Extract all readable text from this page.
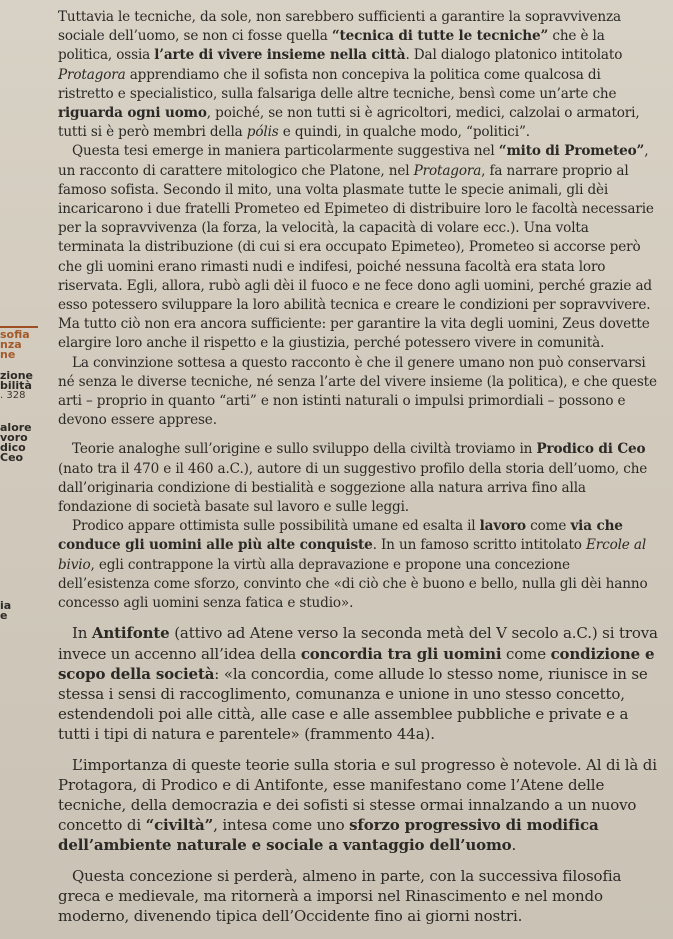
sofia
nza
ne
zione
bilità
. 328
alore
voro
dico
Ceo
ia
e

Tuttavia le tecniche, da sole, non sarebbero sufficienti a garantire la sopravvivenza sociale dell’uomo, se non ci fosse quella “tecnica di tutte le tecniche” che è la politica, ossia l’arte di vivere insieme nella città. Dal dialogo platonico intitolato Protagora apprendiamo che il sofista non concepiva la politica come qualcosa di ristretto e specialistico, sulla falsariga delle altre tecniche, bensì come un’arte che riguarda ogni uomo, poiché, se non tutti si è agricoltori, medici, calzolai o armatori, tutti si è però membri della pólis e quindi, in qualche modo, “politici”.

Questa tesi emerge in maniera particolarmente suggestiva nel “mito di Prometeo”, un racconto di carattere mitologico che Platone, nel Protagora, fa narrare proprio al famoso sofista. Secondo il mito, una volta plasmate tutte le specie animali, gli dèi incaricarono i due fratelli Prometeo ed Epimeteo di distribuire loro le facoltà necessarie per la sopravvivenza (la forza, la velocità, la capacità di volare ecc.). Una volta terminata la distribuzione (di cui si era occupato Epimeteo), Prometeo si accorse però che gli uomini erano rimasti nudi e indifesi, poiché nessuna facoltà era stata loro riservata. Egli, allora, rubò agli dèi il fuoco e ne fece dono agli uomini, perché grazie ad esso potessero sviluppare la loro abilità tecnica e creare le condizioni per sopravvivere. Ma tutto ciò non era ancora sufficiente: per garantire la vita degli uomini, Zeus dovette elargire loro anche il rispetto e la giustizia, perché potessero vivere in comunità.

La convinzione sottesa a questo racconto è che il genere umano non può conservarsi né senza le diverse tecniche, né senza l’arte del vivere insieme (la politica), e che queste arti – proprio in quanto “arti” e non istinti naturali o impulsi primordiali – possono e devono essere apprese.

Teorie analoghe sull’origine e sullo sviluppo della civiltà troviamo in Prodico di Ceo (nato tra il 470 e il 460 a.C.), autore di un suggestivo profilo della storia dell’uomo, che dall’originaria condizione di bestialità e soggezione alla natura arriva fino alla fondazione di società basate sul lavoro e sulle leggi.

Prodico appare ottimista sulle possibilità umane ed esalta il lavoro come via che conduce gli uomini alle più alte conquiste. In un famoso scritto intitolato Ercole al bivio, egli contrappone la virtù alla depravazione e propone una concezione dell’esistenza come sforzo, convinto che «di ciò che è buono e bello, nulla gli dèi hanno concesso agli uomini senza fatica e studio».

In Antifonte (attivo ad Atene verso la seconda metà del V secolo a.C.) si trova invece un accenno all’idea della concordia tra gli uomini come condizione e scopo della società: «la concordia, come allude lo stesso nome, riunisce in se stessa i sensi di raccoglimento, comunanza e unione in uno stesso concetto, estendendoli poi alle città, alle case e alle assemblee pubbliche e private e a tutti i tipi di natura e parentele» (frammento 44a).

L’importanza di queste teorie sulla storia e sul progresso è notevole. Al di là di Protagora, di Prodico e di Antifonte, esse manifestano come l’Atene delle tecniche, della democrazia e dei sofisti si stesse ormai innalzando a un nuovo concetto di “civiltà”, intesa come uno sforzo progressivo di modifica dell’ambiente naturale e sociale a vantaggio dell’uomo.

Questa concezione si perderà, almeno in parte, con la successiva filosofia greca e medievale, ma ritornerà a imporsi nel Rinascimento e nel mondo moderno, divenendo tipica dell’Occidente fino ai giorni nostri.
